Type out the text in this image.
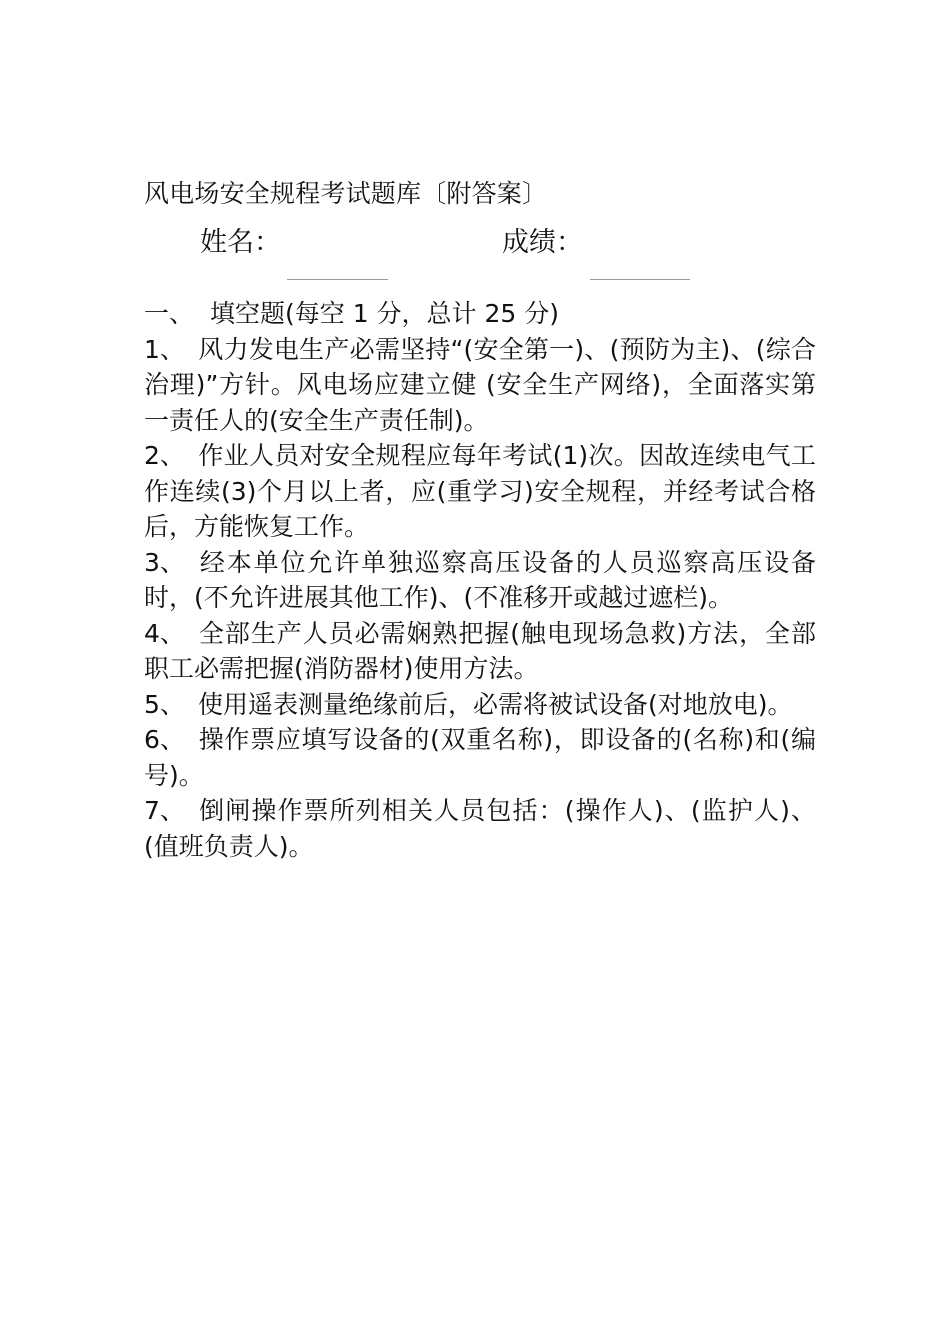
风电场安全规程考试题库〔附答案〕
姓名：	成绩：
一、 填空题(每空 1 分，总计 25 分)

1、 风力发电生产必需坚持“(安全第一)、(预防为主)、(综合治理)”方针。风电场应建立健 (安全生产网络)，全面落实第一责任人的(安全生产责任制)。

2、 作业人员对安全规程应每年考试(1)次。因故连续电气工作连续(3)个月以上者，应(重学习)安全规程，并经考试合格后，方能恢复工作。

3、 经本单位允许单独巡察高压设备的人员巡察高压设备时，(不允许进展其他工作)、(不准移开或越过遮栏)。

4、 全部生产人员必需娴熟把握(触电现场急救)方法，全部职工必需把握(消防器材)使用方法。

5、 使用遥表测量绝缘前后，必需将被试设备(对地放电)。

6、 操作票应填写设备的(双重名称)，即设备的(名称)和(编号)。

7、 倒闸操作票所列相关人员包括：(操作人)、(监护人)、(值班负责人)。
